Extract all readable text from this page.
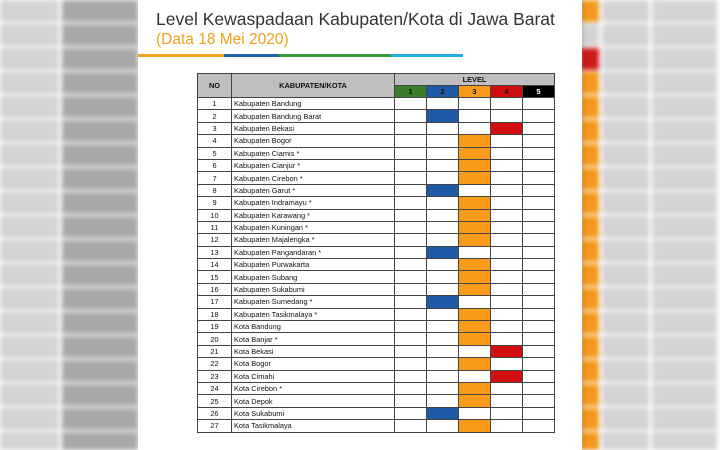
Level Kewaspadaan Kabupaten/Kota di Jawa Barat
(Data 18 Mei 2020)
NO	KABUPATEN/KOTA	LEVEL				
		1	2	3	4	5
1	Kabupaten Bandung					
2	Kabupaten Bandung Barat					
3	Kabupaten Bekasi					
4	Kabupaten Bogor					
5	Kabupaten Ciamis *					
6	Kabupaten Cianjur *					
7	Kabupaten Cirebon *					
8	Kabupaten Garut *					
9	Kabupaten Indramayu *					
10	Kabupaten Karawang *					
11	Kabupaten Kuningan *					
12	Kabupaten Majalengka *					
13	Kabupaten Pangandaran *					
14	Kabupaten Purwakarta					
15	Kabupaten Subang					
16	Kabupaten Sukabumi					
17	Kabupaten Sumedang *					
18	Kabupaten Tasikmalaya *					
19	Kota Bandung					
20	Kota Banjar *					
21	Kota Bekasi					
22	Kota Bogor					
23	Kota Cimahi					
24	Kota Cirebon *					
25	Kota Depok					
26	Kota Sukabumi					
27	Kota Tasikmalaya					
